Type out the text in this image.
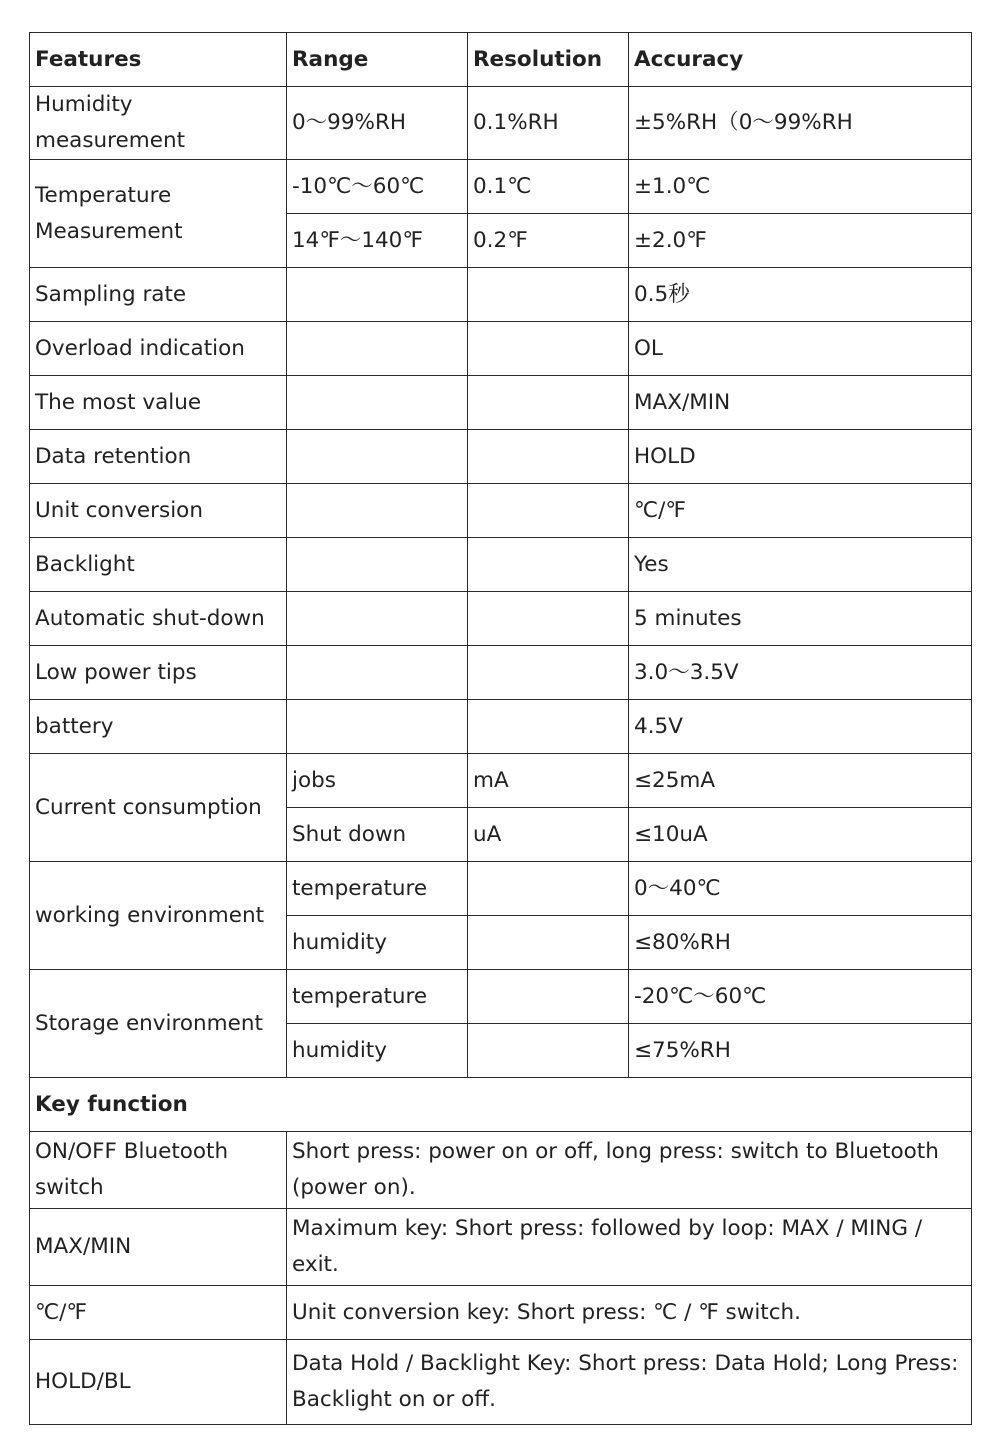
Features	Range	Resolution	Accuracy
Humidity measurement	0～99%RH	0.1%RH	±5%RH（0～99%RH
Temperature Measurement	-10℃～60℃	0.1℃	±1.0℃
	14℉～140℉	0.2℉	±2.0℉
Sampling rate			0.5秒
Overload indication			OL
The most value			MAX/MIN
Data retention			HOLD
Unit conversion			℃/℉
Backlight			Yes
Automatic shut-down			5 minutes
Low power tips			3.0～3.5V
battery			4.5V
Current consumption	jobs	mA	≤25mA
	Shut down	uA	≤10uA
working environment	temperature		0～40℃
	humidity		≤80%RH
Storage environment	temperature		-20℃～60℃
	humidity		≤75%RH
Key function			
ON/OFF Bluetooth switch	Short press: power on or off, long press: switch to Bluetooth (power on).		
MAX/MIN	Maximum key: Short press: followed by loop: MAX / MING / exit.		
℃/℉	Unit conversion key: Short press: ℃ / ℉ switch.		
HOLD/BL	Data Hold / Backlight Key: Short press: Data Hold; Long Press: Backlight on or off.		
